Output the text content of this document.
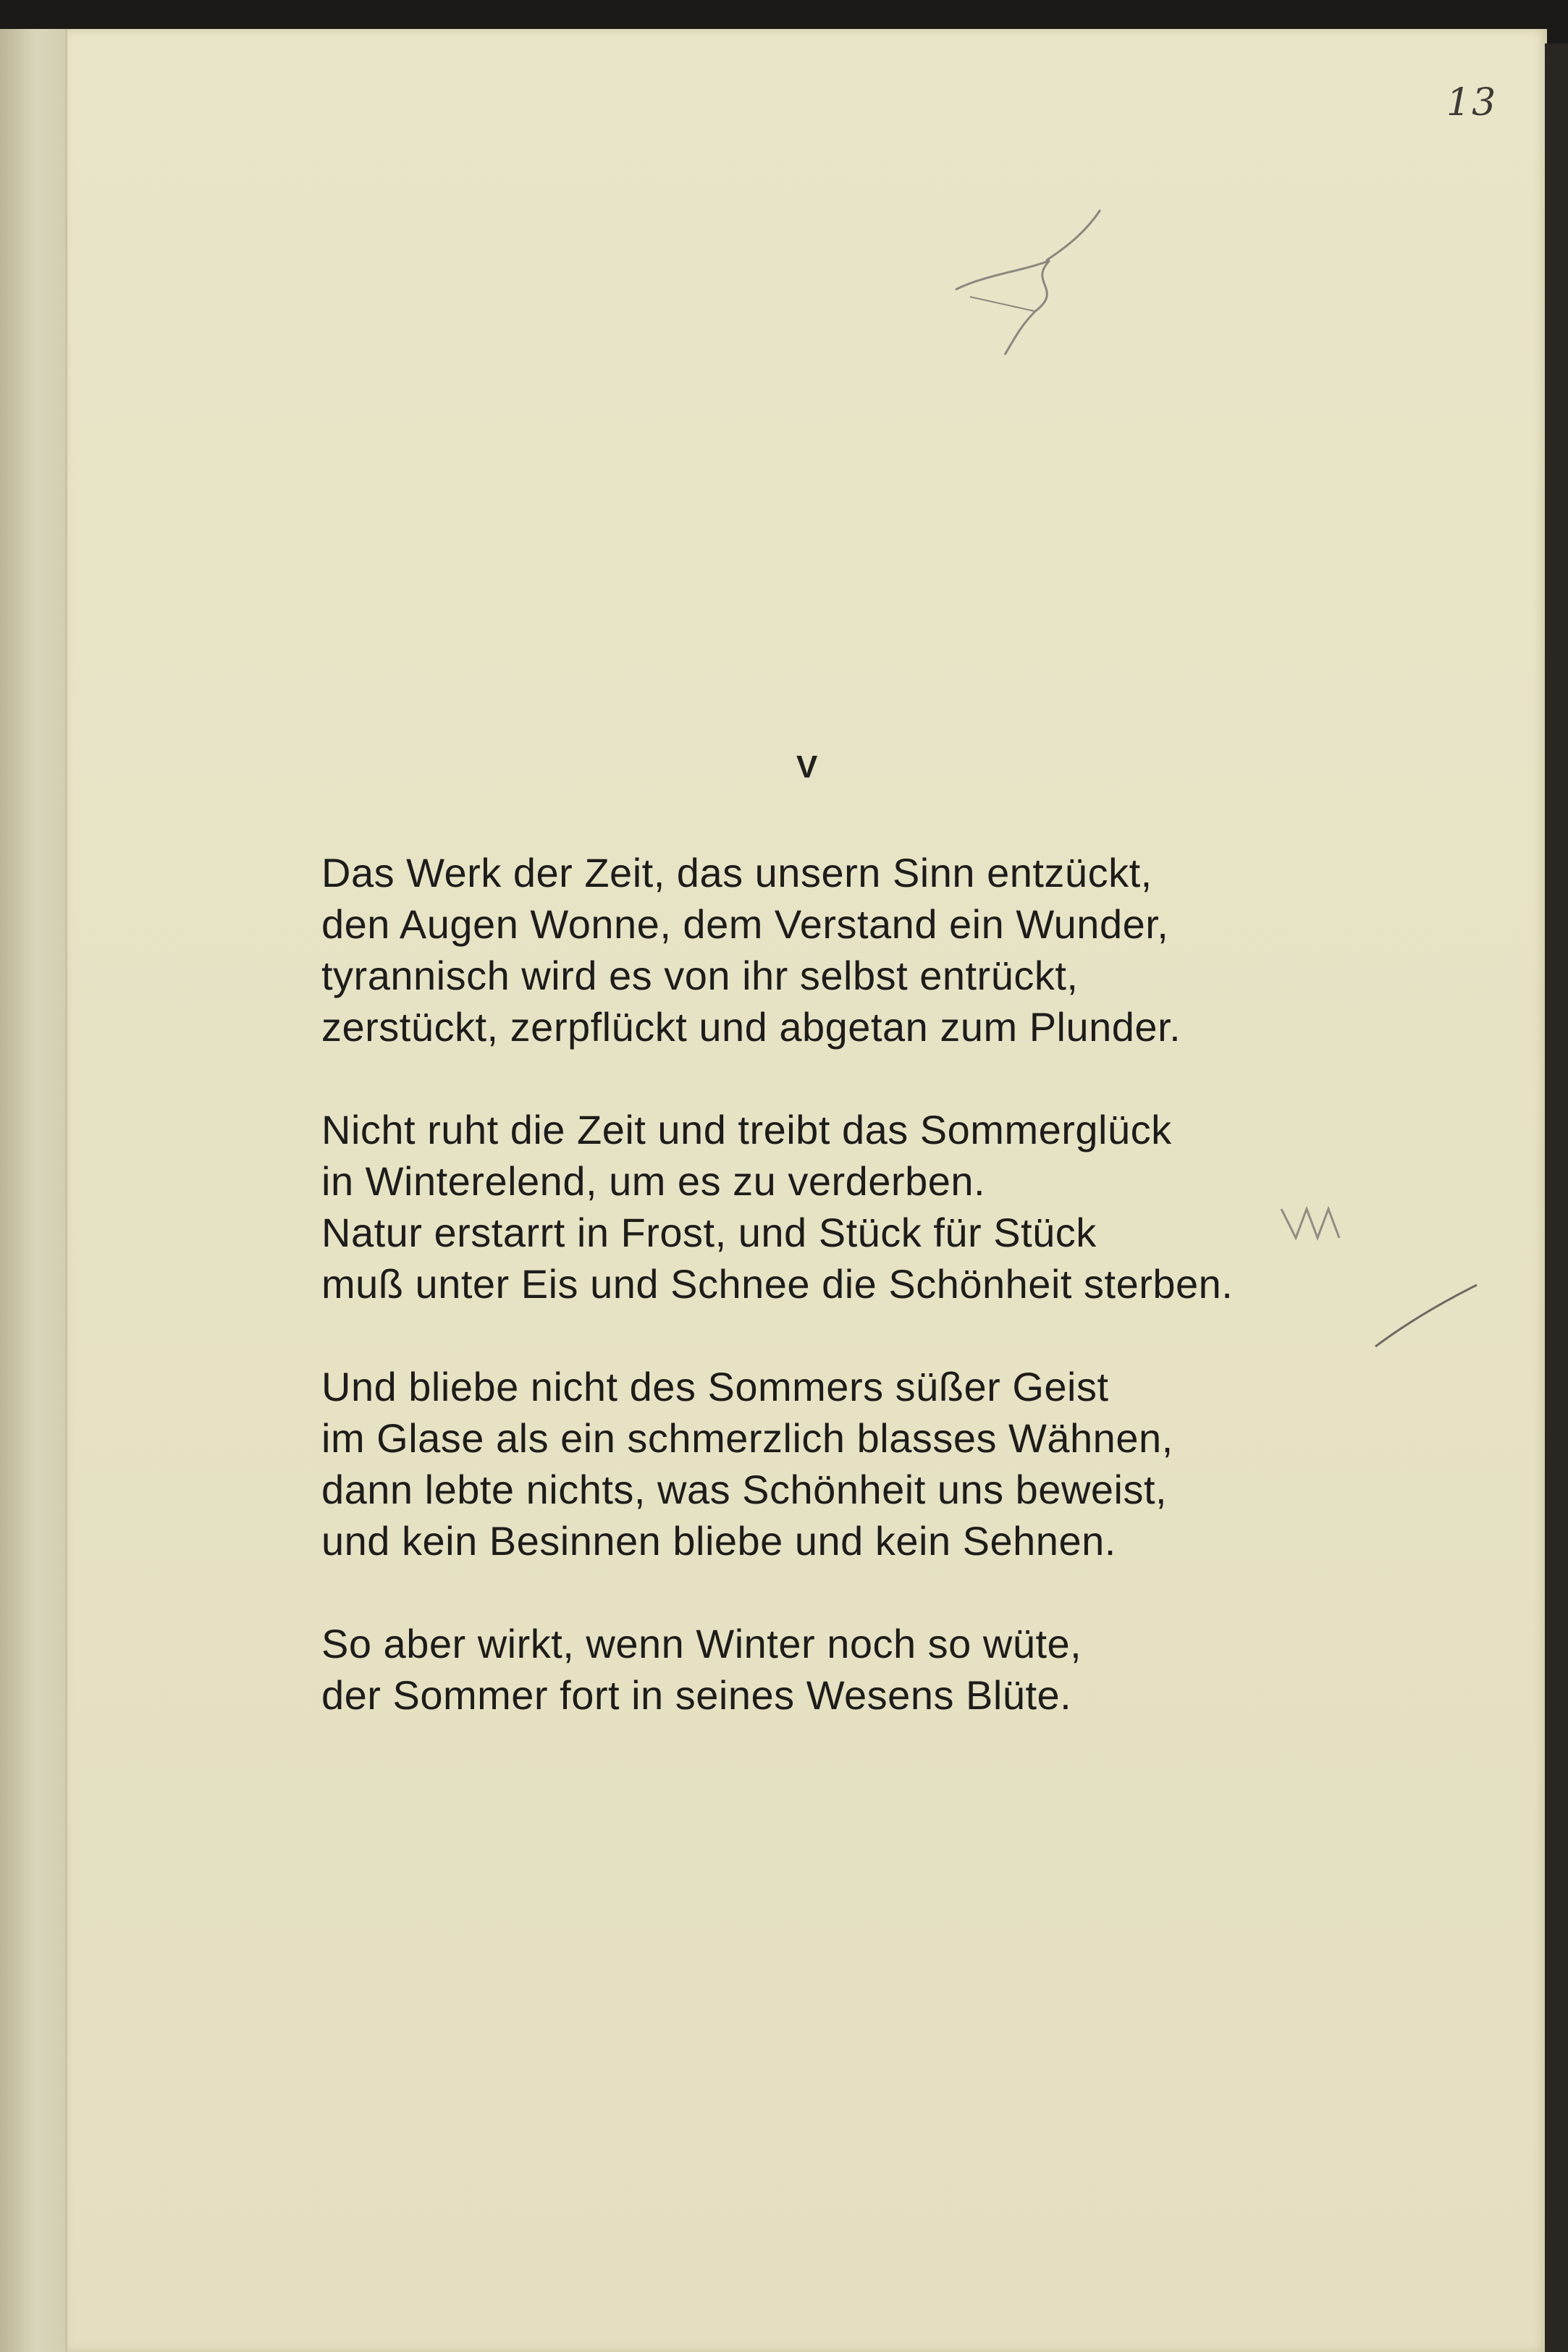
13
V
Das Werk der Zeit, das unsern Sinn entzückt,
den Augen Wonne, dem Verstand ein Wunder,
tyrannisch wird es von ihr selbst entrückt,
zerstückt, zerpflückt und abgetan zum Plunder.
Nicht ruht die Zeit und treibt das Sommerglück
in Winterelend, um es zu verderben.
Natur erstarrt in Frost, und Stück für Stück
muß unter Eis und Schnee die Schönheit sterben.
Und bliebe nicht des Sommers süßer Geist
im Glase als ein schmerzlich blasses Wähnen,
dann lebte nichts, was Schönheit uns beweist,
und kein Besinnen bliebe und kein Sehnen.
So aber wirkt, wenn Winter noch so wüte,
der Sommer fort in seines Wesens Blüte.
